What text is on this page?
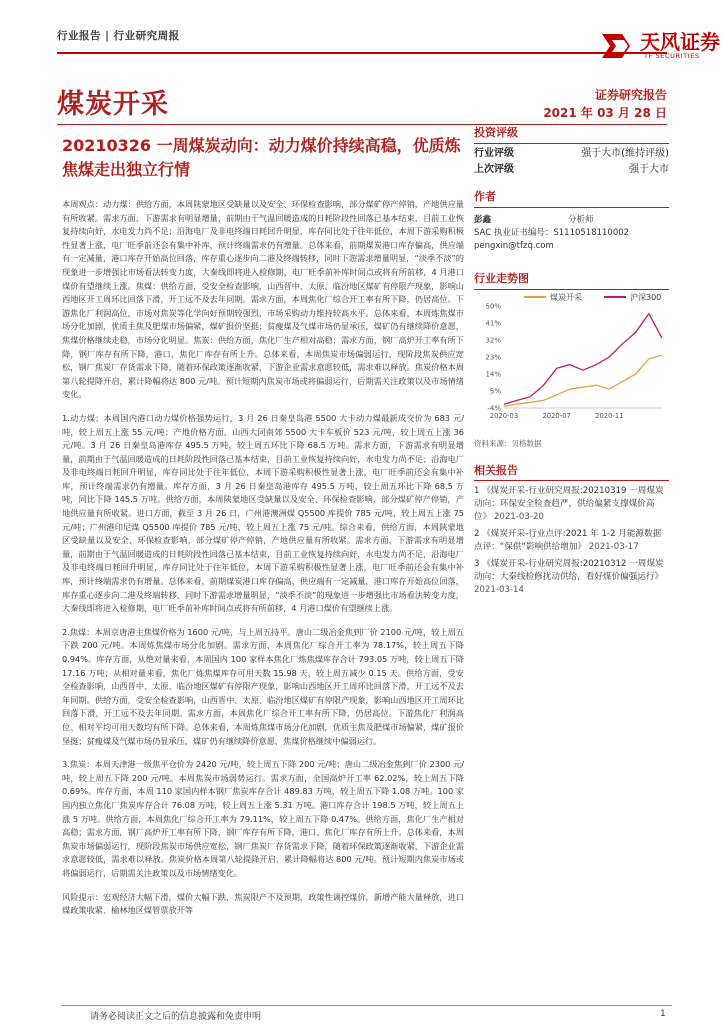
行业报告 | 行业研究周报	天风证券
TF SECURITIES
煤炭开采	证券研究报告
2021 年 03 月 28 日
20210326 一周煤炭动向：动力煤价持续高稳，优质炼焦煤走出独立行情

本周观点：动力煤：供给方面，本周陕蒙地区受缺量以及安全、环保检查影响，部分煤矿停产停销，产地供应量有所收紧。需求方面，下游需求有明显增量，前期由于气温回暖造成的日耗阶段性回落已基本结束，目前工业恢复持续向好，水电发力尚不足；沿海电厂及非电终端日耗回升明显，库存同比处于往年低位，本周下游采购积极性显著上涨，电厂旺季前还会有集中补库，预计终端需求仍有增量。总体来看，前期煤炭港口库存偏高，供应端有一定减量，港口库存开始高位回落，库存重心逐步向二港及终端转移，同时下游需求增量明显，“淡季不淡”的现象进一步增强比市场看法转变力度，大秦线即将进入检修期，电厂旺季前补库时间点或将有所前移，4 月港口煤价有望继续上涨。焦煤：供给方面，受安全检查影响，山西晋中、太原、临汾地区煤矿有停限产现象，影响山西地区开工周环比回落下滑，开工远不及去年同期。需求方面，本周焦化厂综合开工率有所下降，仍居高位。下游焦化厂利润高位，市场对焦炭等化学向好预期较强烈，市场采购动力维持较高水平。总体来看，本周炼焦煤市场分化加剧，优质主焦及肥煤市场偏紧，煤矿报价坚挺；贫瘦煤及气煤市场仍显承压，煤矿仍有继续降价意愿，焦煤价格继续走稳，市场分化明显。焦炭：供给方面，焦化厂生产相对高稳；需求方面，钢厂高炉开工率有所下降，钢厂库存有所下降，港口、焦化厂库存有所上升。总体来看，本周焦炭市场偏弱运行，现阶段焦炭供应宽松，钢厂焦炭厂存货需求下降，随着环保政策逐渐收紧，下游企业需求意愿较低，需求难以释放。焦炭价格本周第八轮提降开启，累计降幅将达 800 元/吨。预计短期内焦炭市场或将偏弱运行，后期需关注政策以及市场情绪变化。

1.动力煤：本周国内港口动力煤价格强势运行，3 月 26 日秦皇岛港 5500 大卡动力煤最新成交价为 683 元/吨，较上周五上涨 55 元/吨；产地价格方面，山西大同南郊 5500 大卡车板价 523 元/吨，较上周五上涨 36 元/吨。3 月 26 日秦皇岛港库存 495.5 万吨，较上周五环比下降 68.5 万吨。需求方面，下游需求有明显增量，前期由于气温回暖造成的日耗阶段性回落已基本结束，目前工业恢复持续向好，水电发力尚不足；沿海电厂及非电终端日耗回升明显，库存同比处于往年低位，本周下游采购积极性显著上涨，电厂旺季前还会有集中补库，预计终端需求仍有增量。库存方面，3 月 26 日秦皇岛港库存 495.5 万吨，较上周五环比下降 68.5 万吨，同比下降 145.5 万吨。供给方面，本周陕蒙地区受缺量以及安全、环保检查影响，部分煤矿停产停销，产地供应量有所收紧。进口方面，截至 3 月 26 日，广州港澳洲煤 Q5500 库提价 785 元/吨，较上周五上涨 75 元/吨；广州港印尼煤 Q5500 库提价 785 元/吨，较上周五上涨 75 元/吨。综合来看，供给方面，本周陕蒙地区受缺量以及安全、环保检查影响，部分煤矿停产停销，产地供应量有所收紧。需求方面，下游需求有明显增量，前期由于气温回暖造成的日耗阶段性回落已基本结束，目前工业恢复持续向好，水电发力尚不足，沿海电厂及非电终端日耗回升明显，库存同比处于往年低位，本周下游采购积极性显著上涨，电厂旺季前还会有集中补库，预计终端需求仍有增量。总体来看，前期煤炭港口库存偏高，供应端有一定减量，港口库存开始高位回落，库存重心逐步向二港及终端转移，同时下游需求增量明显，“淡季不淡”的现象进一步增强比市场看法转变力度，大秦线即将进入检修期，电厂旺季前补库时间点或将有所前移，4 月港口煤价有望继续上涨。

2.焦煤：本周京唐港主焦煤价格为 1600 元/吨，与上周五持平。唐山二级冶金焦到厂价 2100 元/吨，较上周五下跌 200 元/吨。本周炼焦煤市场分化加剧。需求方面，本周焦化厂综合开工率为 78.17%，较上周五下降 0.94%。库存方面，从绝对量来看，本周国内 100 家样本焦化厂炼焦煤库存合计 793.05 万吨，较上周五下降 17.16 万吨；从相对量来看，焦化厂炼焦煤库存可用天数 15.98 天，较上周五减少 0.15 天。供给方面，受安全检查影响，山西晋中、太原、临汾地区煤矿有停限产现象，影响山西地区开工周环比回落下滑，开工远不及去年同期。供给方面，受安全检查影响，山西晋中、太原、临汾地区煤矿有停限产现象，影响山西地区开工周环比回落下滑，开工远不及去年同期。需求方面，本周焦化厂综合开工率有所下降，仍居高位。下游焦化厂利润高位、相对平均可用天数均有所下降。总体来看，本周炼焦煤市场分化加剧，优质主焦及肥煤市场偏紧，煤矿报价坚挺；贫瘦煤及气煤市场仍显承压，煤矿仍有继续降价意愿，焦煤价格继续中偏弱运行。

3.焦炭：本周天津港一级焦平仓价为 2420 元/吨，较上周五下降 200 元/吨；唐山二级冶金焦到厂价 2300 元/吨，较上周五下降 200 元/吨。本周焦炭市场弱势运行。需求方面，全国高炉开工率 62.02%，较上周五下降 0.69%。库存方面，本周 110 家国内样本钢厂焦炭库存合计 489.83 万吨，较上周五下降 1.08 万吨。100 家国内独立焦化厂焦炭库存合计 76.08 万吨，较上周五上涨 5.31 万吨。港口库存合计 198.5 万吨，较上周五上涨 5 万吨。供给方面，本周焦化厂综合开工率为 79.11%，较上周五下降 0.47%。供给方面，焦化厂生产相对高稳；需求方面，钢厂高炉开工率有所下降，钢厂库存有所下降，港口、焦化厂库存有所上升。总体来看，本周焦炭市场偏弱运行，现阶段焦炭市场供应宽松，钢厂焦炭厂存货需求下降，随着环保政策逐渐收紧，下游企业需求意愿较低，需求难以释放。焦炭价格本周第八轮提降开启，累计降幅将达 800 元/吨。预计短期内焦炭市场或将偏弱运行，后期需关注政策以及市场情绪变化。

风险提示：宏观经济大幅下滑，煤价大幅下跌，焦炭限产不及预期，政策性调控煤价，新增产能大量释放，进口煤政策收紧、榆林地区煤管票放开等

投资评级
行业评级	强于大市(维持评级)
上次评级	强于大市
作者
彭鑫	分析师
SAC 执业证书编号：S1110518110002
pengxin@tfzq.com
行业走势图
煤炭开采	沪深300
-4%
5%
14%
23%
32%
41%
50%
2020-03	2020-07	2020-11
资料来源：贝格数据
相关报告
1 《煤炭开采-行业研究周报:20210319 一周煤炭动向：环保安全检查趋严，供给偏紧支撑煤价高位》 2021-03-20
2 《煤炭开采-行业点评:2021 年 1-2 月能源数据点评：“保供”影响供给增加》 2021-03-17
3 《煤炭开采-行业研究周报:20210312 一周煤炭动向：大秦线检修扰动供给，看好煤价偏强运行》 2021-03-14
请务必阅读正文之后的信息披露和免责申明	1
